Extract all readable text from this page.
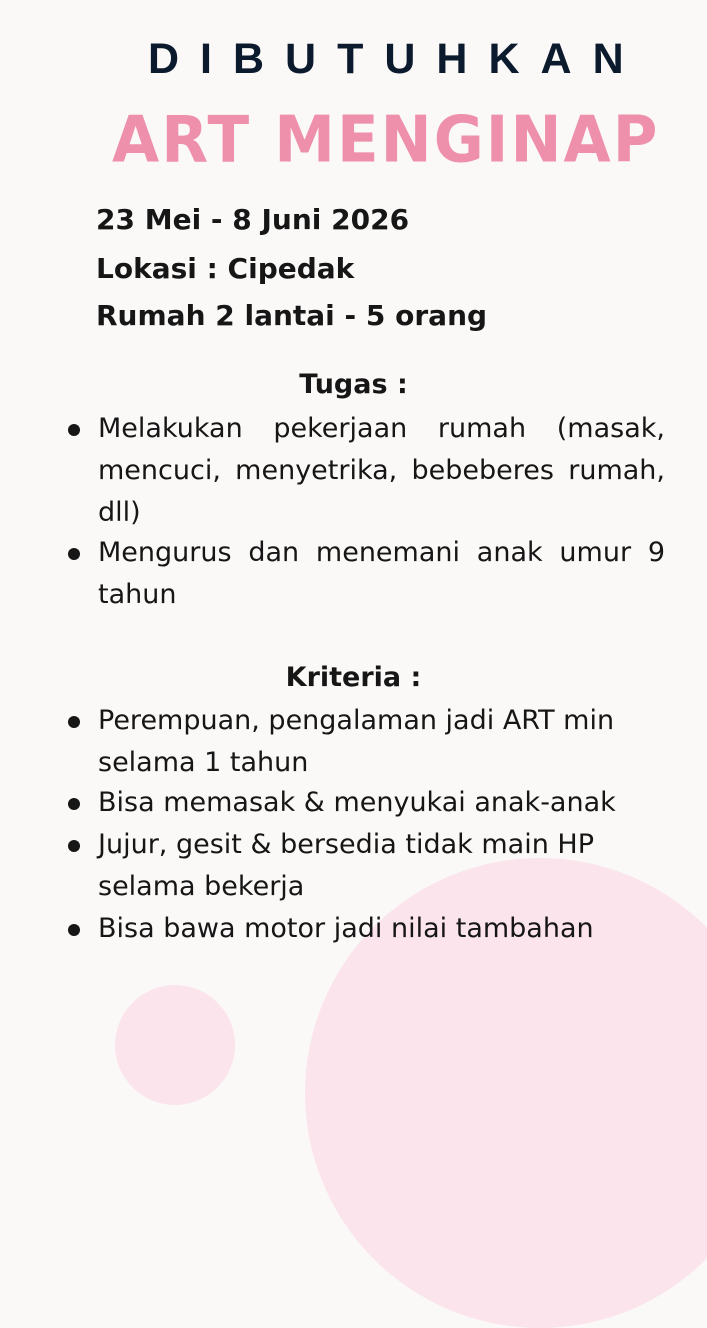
DIBUTUHKAN
ART MENGINAP
23 Mei - 8 Juni 2026
Lokasi : Cipedak
Rumah 2 lantai - 5 orang
Tugas :
Melakukan pekerjaan rumah (masak, mencuci, menyetrika, bebeberes rumah, dll)
Mengurus dan menemani anak umur 9 tahun
Kriteria :
Perempuan, pengalaman jadi ART min selama 1 tahun
Bisa memasak & menyukai anak-anak
Jujur, gesit & bersedia tidak main HP selama bekerja
Bisa bawa motor jadi nilai tambahan
